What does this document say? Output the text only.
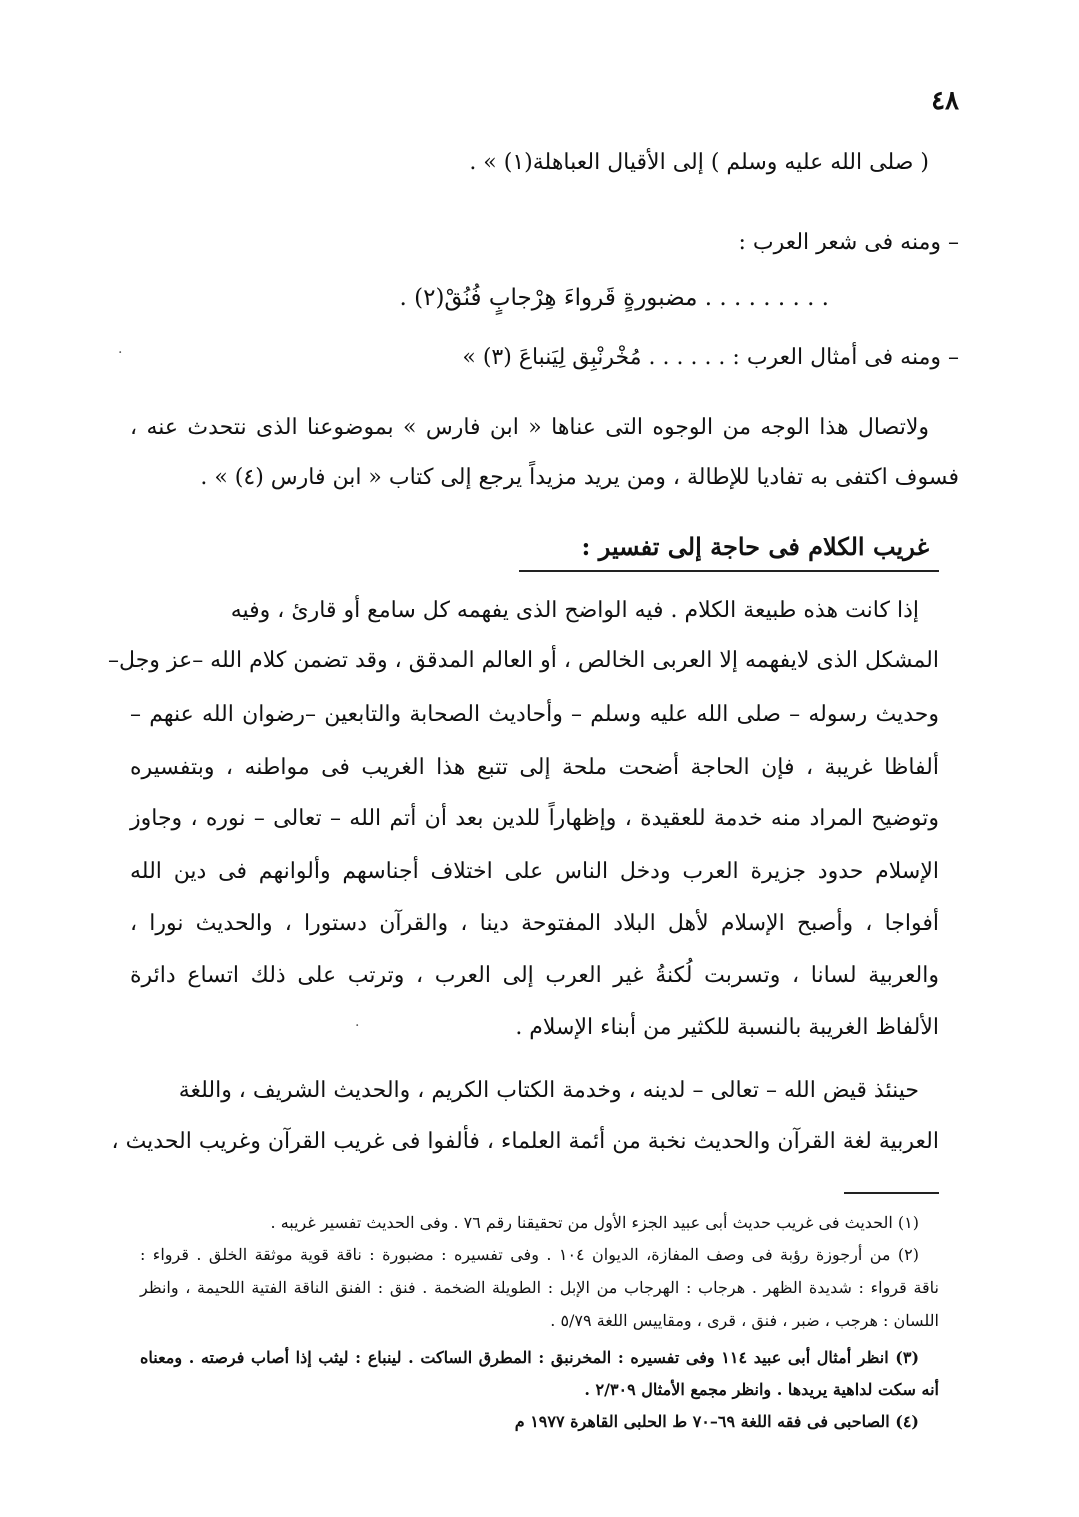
٤٨
( صلى الله عليه وسلم ) إلى الأقيال العباهلة(١) » .
– ومنه فى شعر العرب :
. . . . . . . . . مضبورةٍ قَرواءَ هِرْجابٍ فُنُقْ(٢) .
– ومنه فى أمثال العرب : . . . . . . مُخْرنْبِق لِيَنباعَ (٣) »
ولاتصال هذا الوجه من الوجوه التى عناها « ابن فارس » بموضوعنا الذى نتحدث عنه ،
فسوف اكتفى به تفاديا للإطالة ، ومن يريد مزيداً يرجع إلى كتاب « ابن فارس (٤) » .
غريب الكلام فى حاجة إلى تفسير :
إذا كانت هذه طبيعة الكلام . فيه الواضح الذى يفهمه كل سامع أو قارئ ، وفيه
المشكل الذى لايفهمه إلا العربى الخالص ، أو العالم المدقق ، وقد تضمن كلام الله –عز وجل–
وحديث رسوله – صلى الله عليه وسلم – وأحاديث الصحابة والتابعين –رضوان الله عنهم –
ألفاظا غريبة ، فإن الحاجة أضحت ملحة إلى تتبع هذا الغريب فى مواطنه ، وبتفسيره
وتوضيح المراد منه خدمة للعقيدة ، وإظهاراً للدين بعد أن أتم الله – تعالى – نوره ، وجاوز
الإسلام حدود جزيرة العرب ودخل الناس على اختلاف أجناسهم وألوانهم فى دين الله
أفواجا ، وأصبح الإسلام لأهل البلاد المفتوحة دينا ، والقرآن دستورا ، والحديث نورا ،
والعربية لسانا ، وتسربت لُكنةُ غير العرب إلى العرب ، وترتب على ذلك اتساع دائرة
الألفاظ الغريبة بالنسبة للكثير من أبناء الإسلام .
حينئذ قيض الله – تعالى – لدينه ، وخدمة الكتاب الكريم ، والحديث الشريف ، واللغة
العربية لغة القرآن والحديث نخبة من أئمة العلماء ، فألفوا فى غريب القرآن وغريب الحديث ،
(١) الحديث فى غريب حديث أبى عبيد الجزء الأول من تحقيقنا رقم ٧٦ . وفى الحديث تفسير غريبه .
(٢) من أرجوزة رؤبة فى وصف المفازة، الديوان ١٠٤ . وفى تفسيره : مضبورة : ناقة قوية موثقة الخلق . قرواء :
ناقة قرواء : شديدة الظهر . هرجاب : الهرجاب من الإبل : الطويلة الضخمة . فنق : الفنق الناقة الفتية اللحيمة ، وانظر
اللسان : هرجب ، ضبر ، فنق ، قرى ، ومقاييس اللغة ٥/٧٩ .
(٣) انظر أمثال أبى عبيد ١١٤ وفى تفسيره : المخرنبق : المطرق الساكت . لينباع : ليثب إذا أصاب فرصته . ومعناه
أنه سكت لداهية يريدها . وانظر مجمع الأمثال ٢/٣٠٩ .
(٤) الصاحبى فى فقه اللغة ٦٩–٧٠ ط الحلبى القاهرة ١٩٧٧ م
·
·
